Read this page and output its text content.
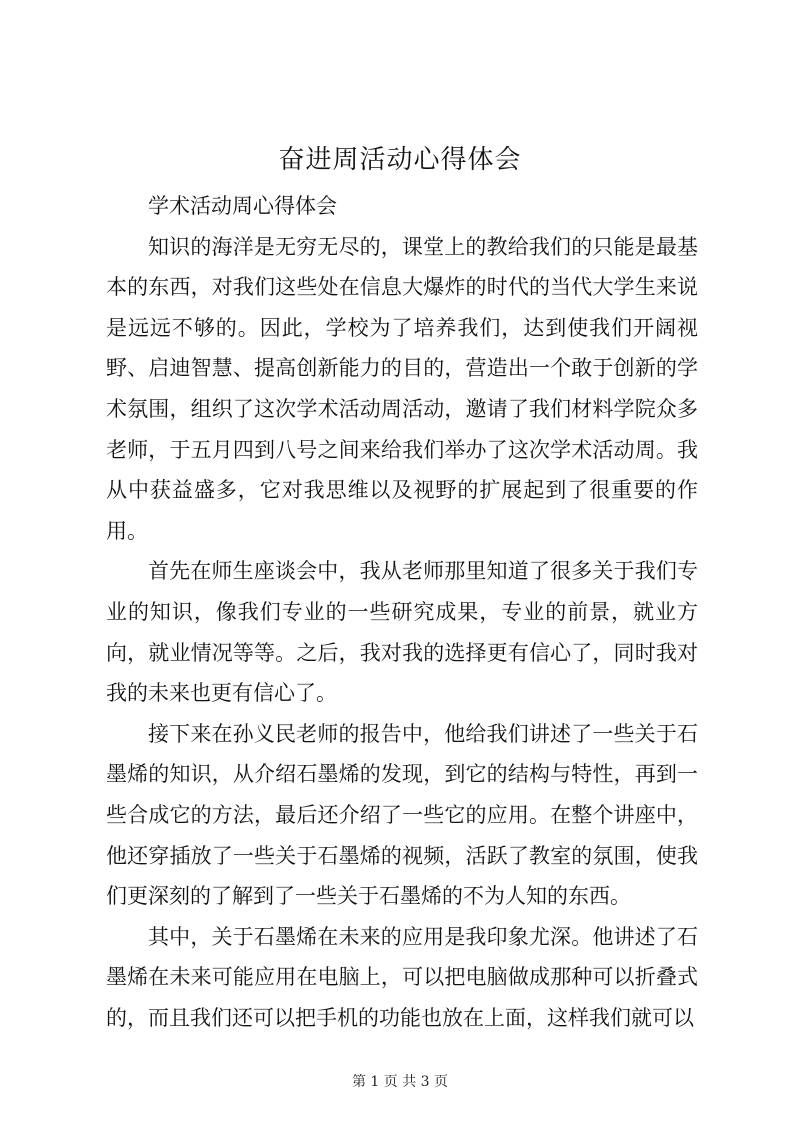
奋进周活动心得体会

学术活动周心得体会

知识的海洋是无穷无尽的，课堂上的教给我们的只能是最基本的东西，对我们这些处在信息大爆炸的时代的当代大学生来说是远远不够的。因此，学校为了培养我们，达到使我们开阔视野、启迪智慧、提高创新能力的目的，营造出一个敢于创新的学术氛围，组织了这次学术活动周活动，邀请了我们材料学院众多老师，于五月四到八号之间来给我们举办了这次学术活动周。我从中获益盛多，它对我思维以及视野的扩展起到了很重要的作用。

首先在师生座谈会中，我从老师那里知道了很多关于我们专业的知识，像我们专业的一些研究成果，专业的前景，就业方向，就业情况等等。之后，我对我的选择更有信心了，同时我对我的未来也更有信心了。

接下来在孙义民老师的报告中，他给我们讲述了一些关于石墨烯的知识，从介绍石墨烯的发现，到它的结构与特性，再到一些合成它的方法，最后还介绍了一些它的应用。在整个讲座中，他还穿插放了一些关于石墨烯的视频，活跃了教室的氛围，使我们更深刻的了解到了一些关于石墨烯的不为人知的东西。

其中，关于石墨烯在未来的应用是我印象尤深。他讲述了石墨烯在未来可能应用在电脑上，可以把电脑做成那种可以折叠式的，而且我们还可以把手机的功能也放在上面，这样我们就可以

第 1 页 共 3 页
